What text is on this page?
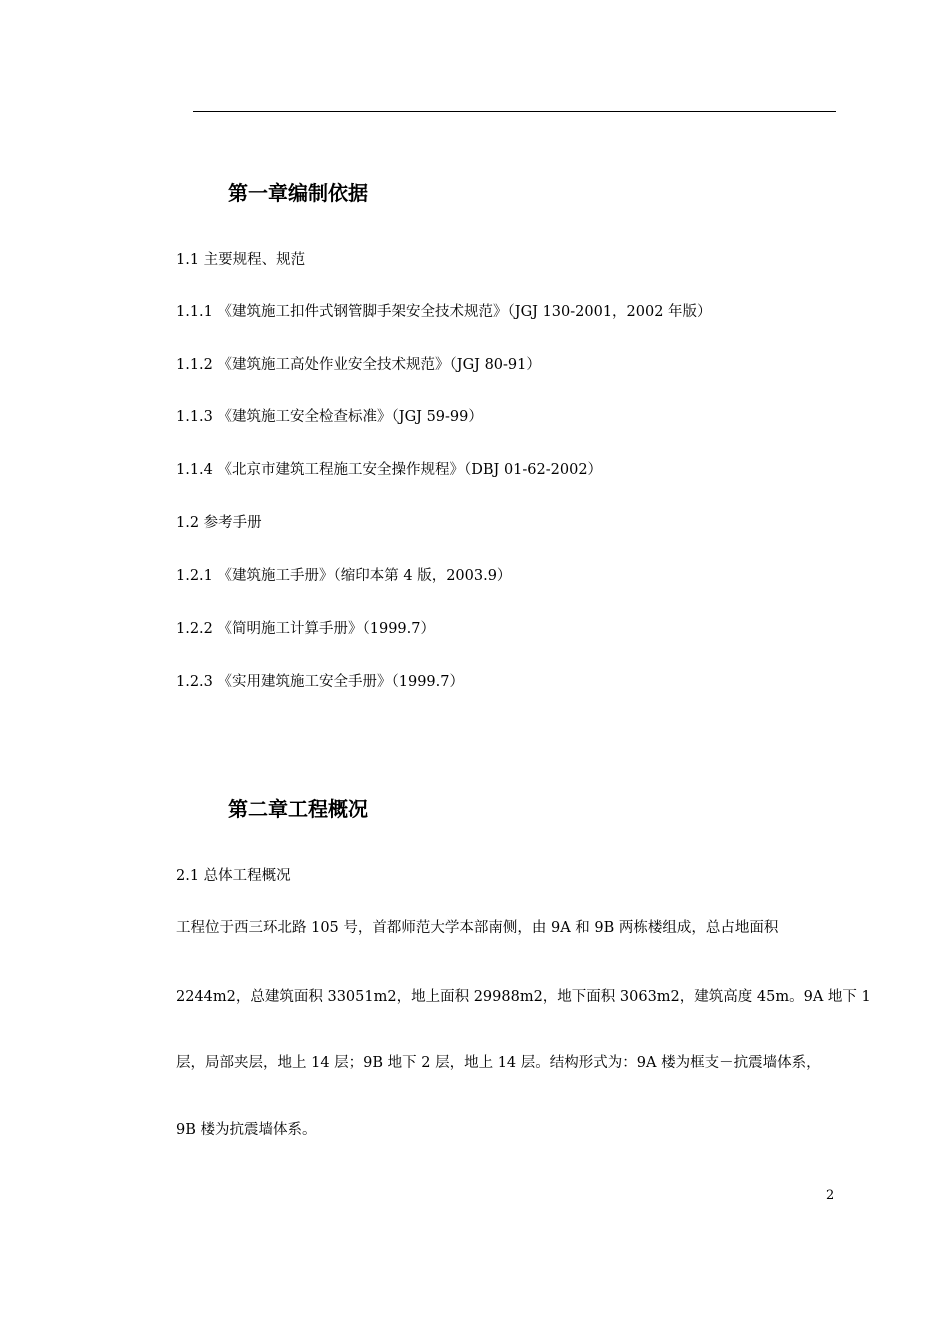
第一章编制依据
1.1 主要规程、规范
1.1.1 《建筑施工扣件式钢管脚手架安全技术规范》（JGJ 130-2001，2002 年版）
1.1.2 《建筑施工高处作业安全技术规范》（JGJ 80-91）
1.1.3 《建筑施工安全检查标准》（JGJ 59-99）
1.1.4 《北京市建筑工程施工安全操作规程》（DBJ 01-62-2002）
1.2 参考手册
1.2.1 《建筑施工手册》（缩印本第 4 版，2003.9）
1.2.2 《简明施工计算手册》（1999.7）
1.2.3 《实用建筑施工安全手册》（1999.7）
第二章工程概况
2.1 总体工程概况
工程位于西三环北路 105 号，首都师范大学本部南侧，由 9A 和 9B 两栋楼组成，总占地面积
2244m2，总建筑面积 33051m2，地上面积 29988m2，地下面积 3063m2，建筑高度 45m。9A 地下 1
层，局部夹层，地上 14 层；9B 地下 2 层，地上 14 层。结构形式为：9A 楼为框支－抗震墙体系，
9B 楼为抗震墙体系。
2
